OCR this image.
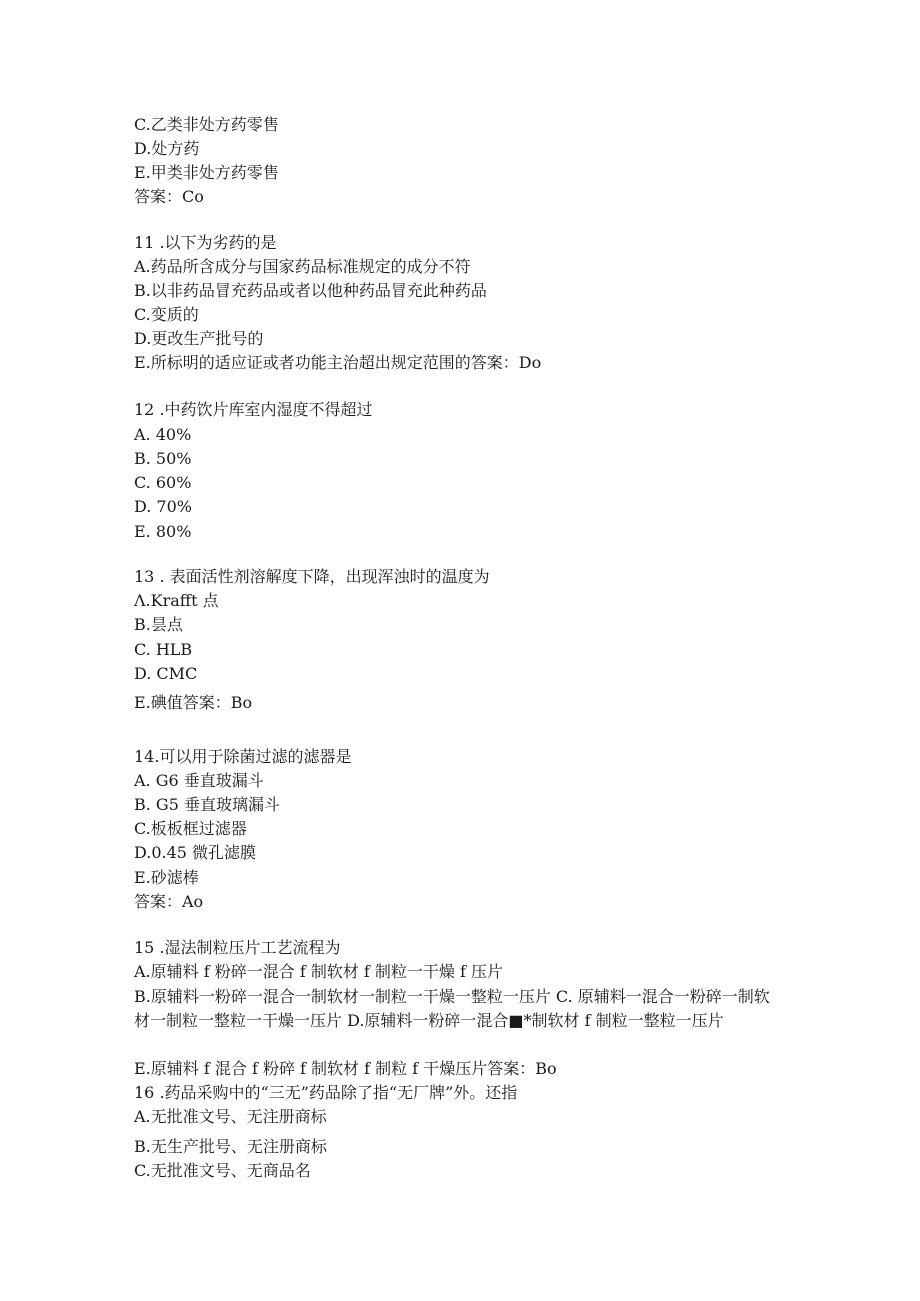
C.乙类非处方药零售
D.处方药
E.甲类非处方药零售
答案：Co
11 .以下为劣药的是
A.药品所含成分与国家药品标准规定的成分不符
B.以非药品冒充药品或者以他种药品冒充此种药品
C.变质的
D.更改生产批号的
E.所标明的适应证或者功能主治超出规定范围的答案：Do
12 .中药饮片库室内湿度不得超过
A. 40%
B. 50%
C. 60%
D. 70%
E. 80%
13 . 表面活性剂溶解度下降，出现浑浊时的温度为
Λ.Krafft 点
B.昙点
C. HLB
D. CMC
E.碘值答案：Bo
14.可以用于除菌过滤的滤器是
A. G6 垂直玻漏斗
B. G5 垂直玻璃漏斗
C.板板框过滤器
D.0.45 微孔滤膜
E.砂滤棒
答案：Ao
15 .湿法制粒压片工艺流程为
A.原辅料 f 粉碎一混合 f 制软材 f 制粒一干燥 f 压片
B.原辅料一粉碎一混合一制软材一制粒一干燥一整粒一压片 C. 原辅料一混合一粉碎一制软材一制粒一整粒一干燥一压片 D.原辅料一粉碎一混合■*制软材 f 制粒一整粒一压片
E.原辅料 f 混合 f 粉碎 f 制软材 f 制粒 f 干燥压片答案：Bo
16 .药品采购中的“三无”药品除了指“无厂牌”外。还指
A.无批准文号、无注册商标
B.无生产批号、无注册商标
C.无批准文号、无商品名
